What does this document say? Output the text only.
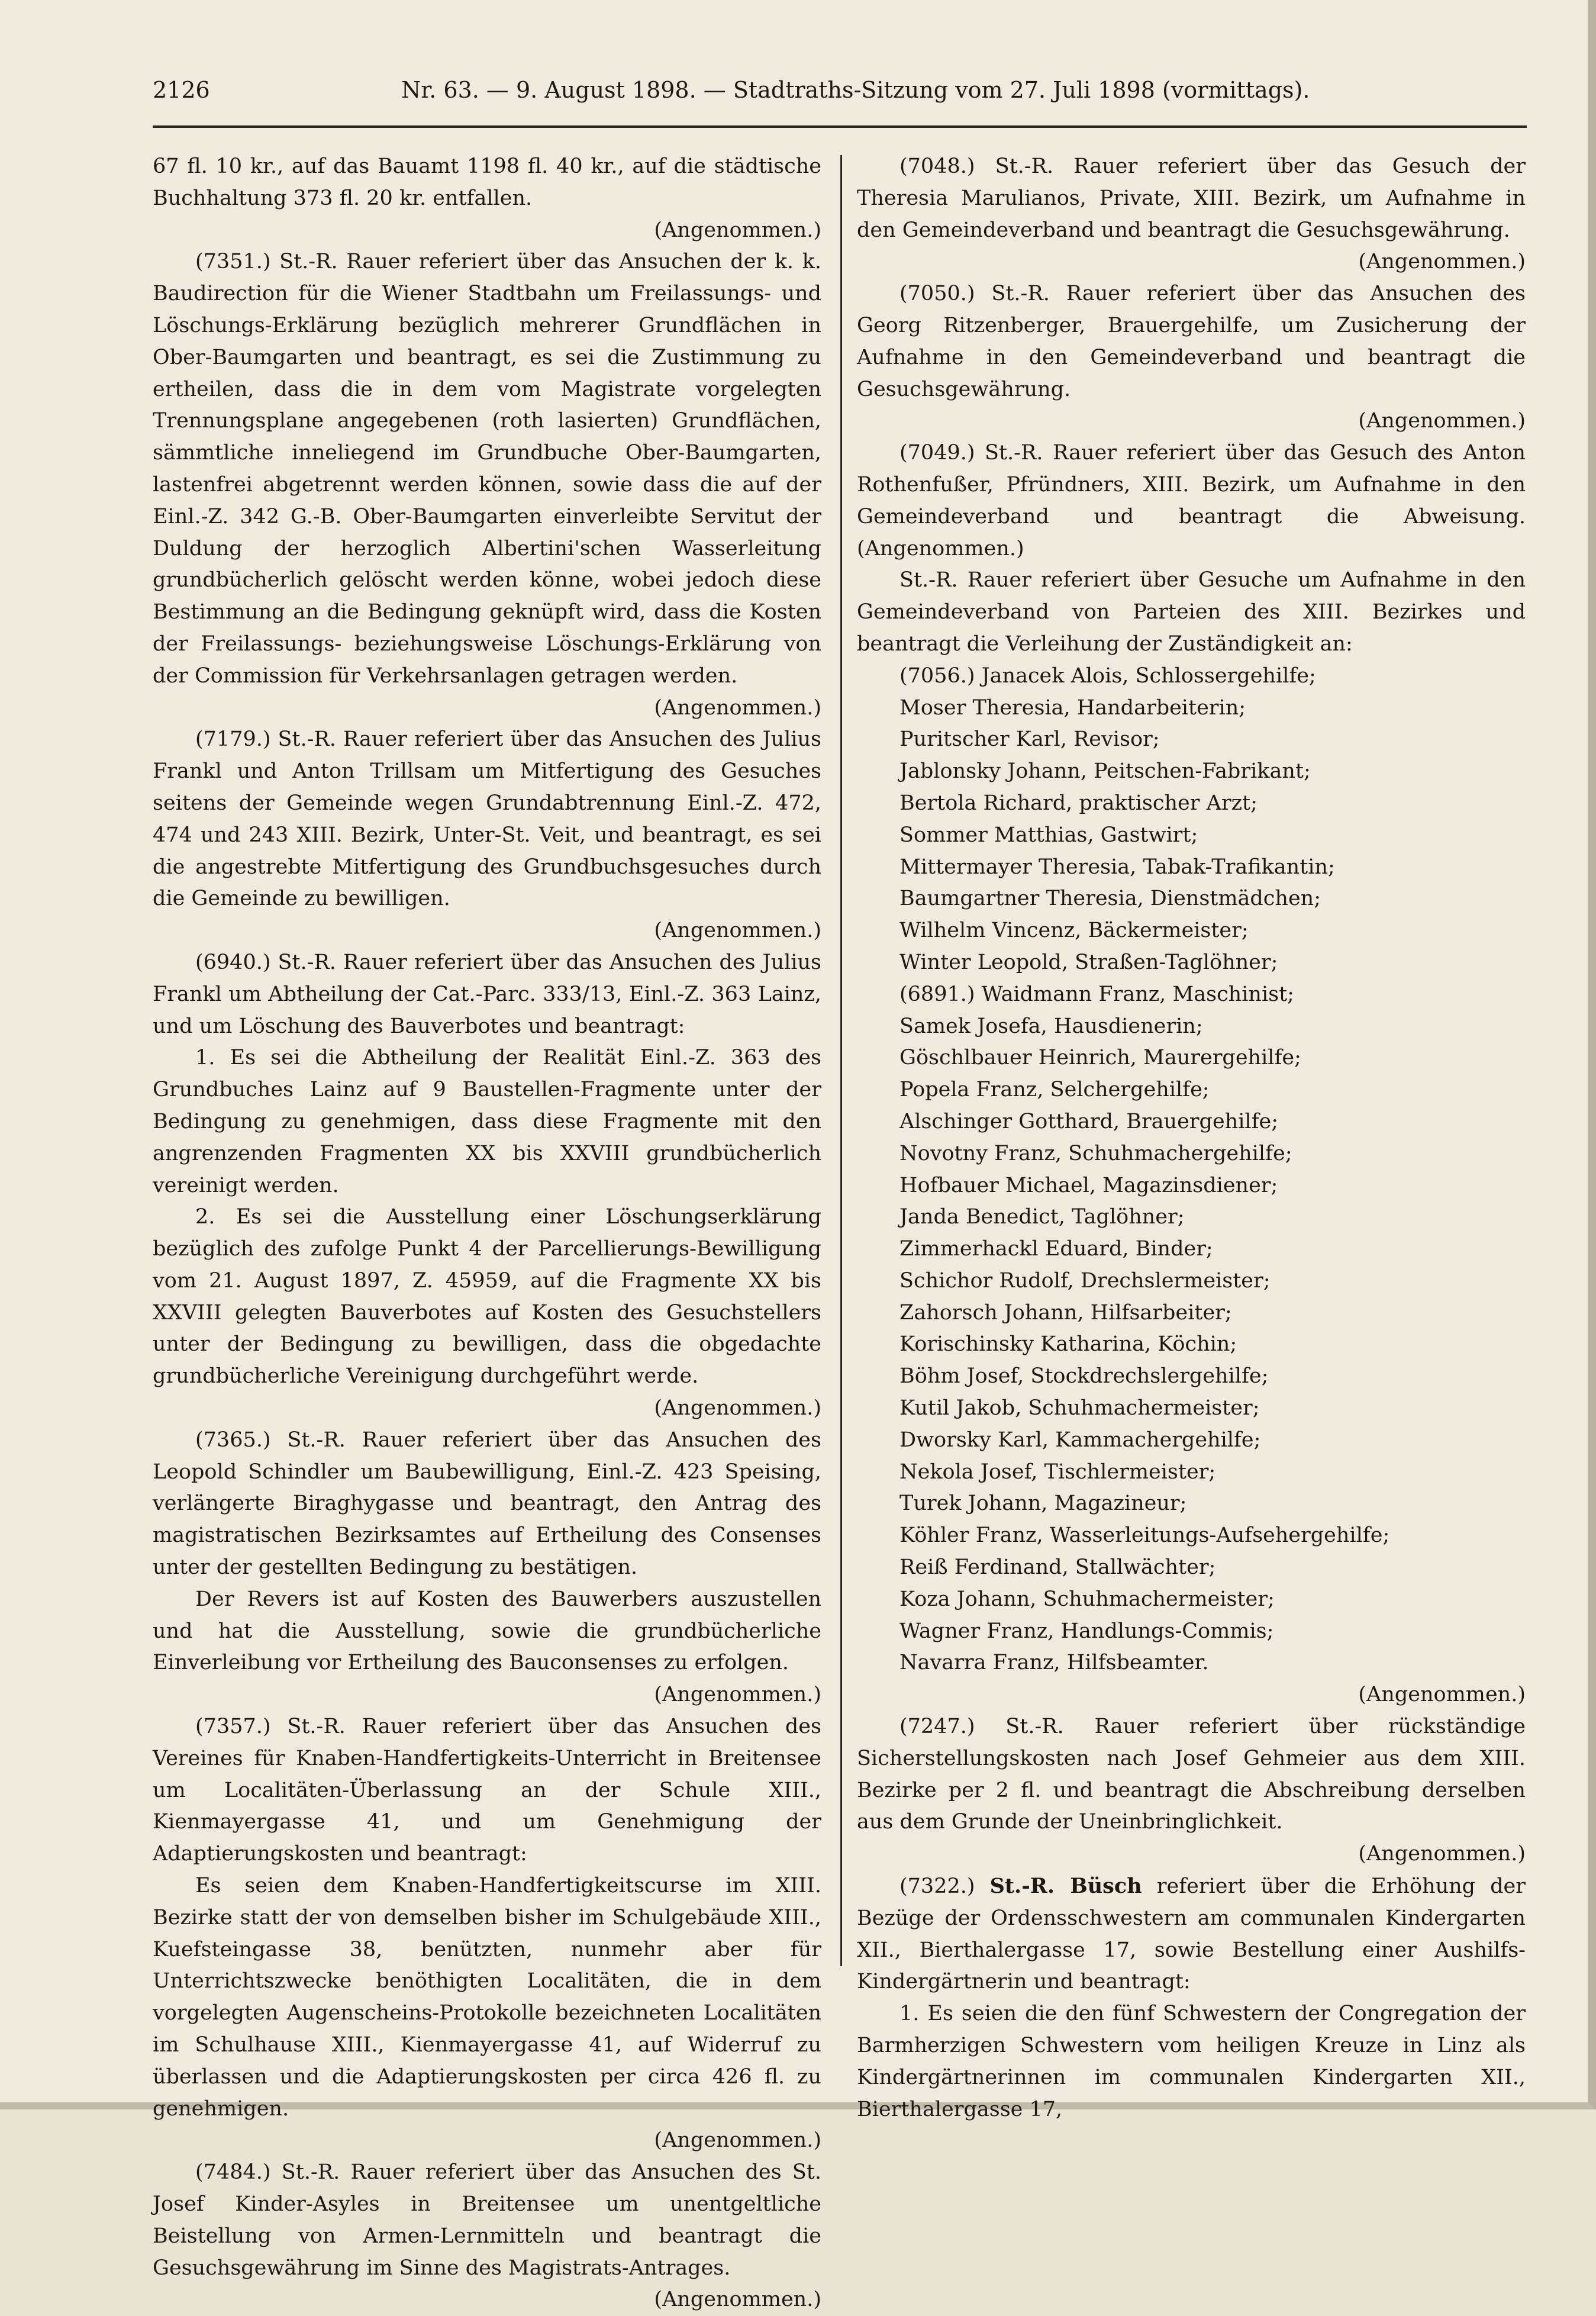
2126	Nr. 63. — 9. August 1898. — Stadtraths-Sitzung vom 27. Juli 1898 (vormittags).

67 fl. 10 kr., auf das Bauamt 1198 fl. 40 kr., auf die städtische Buchhaltung 373 fl. 20 kr. entfallen.

(Angenommen.)

(7351.) St.-R. Rauer referiert über das Ansuchen der k. k. Baudirection für die Wiener Stadtbahn um Freilassungs- und Löschungs-Erklärung bezüglich mehrerer Grundflächen in Ober-Baumgarten und beantragt, es sei die Zustimmung zu ertheilen, dass die in dem vom Magistrate vorgelegten Trennungsplane angegebenen (roth lasierten) Grundflächen, sämmtliche inneliegend im Grundbuche Ober-Baumgarten, lastenfrei abgetrennt werden können, sowie dass die auf der Einl.-Z. 342 G.-B. Ober-Baumgarten einverleibte Servitut der Duldung der herzoglich Albertini'schen Wasserleitung grundbücherlich gelöscht werden könne, wobei jedoch diese Bestimmung an die Bedingung geknüpft wird, dass die Kosten der Freilassungs- beziehungsweise Löschungs-Erklärung von der Commission für Verkehrsanlagen getragen werden.

(Angenommen.)

(7179.) St.-R. Rauer referiert über das Ansuchen des Julius Frankl und Anton Trillsam um Mitfertigung des Gesuches seitens der Gemeinde wegen Grundabtrennung Einl.-Z. 472, 474 und 243 XIII. Bezirk, Unter-St. Veit, und beantragt, es sei die angestrebte Mitfertigung des Grundbuchsgesuches durch die Gemeinde zu bewilligen.

(Angenommen.)

(6940.) St.-R. Rauer referiert über das Ansuchen des Julius Frankl um Abtheilung der Cat.-Parc. 333/13, Einl.-Z. 363 Lainz, und um Löschung des Bauverbotes und beantragt:

1. Es sei die Abtheilung der Realität Einl.-Z. 363 des Grundbuches Lainz auf 9 Baustellen-Fragmente unter der Bedingung zu genehmigen, dass diese Fragmente mit den angrenzenden Fragmenten XX bis XXVIII grundbücherlich vereinigt werden.

2. Es sei die Ausstellung einer Löschungserklärung bezüglich des zufolge Punkt 4 der Parcellierungs-Bewilligung vom 21. August 1897, Z. 45959, auf die Fragmente XX bis XXVIII gelegten Bauverbotes auf Kosten des Gesuchstellers unter der Bedingung zu bewilligen, dass die obgedachte grundbücherliche Vereinigung durchgeführt werde.

(Angenommen.)

(7365.) St.-R. Rauer referiert über das Ansuchen des Leopold Schindler um Baubewilligung, Einl.-Z. 423 Speising, verlängerte Biraghygasse und beantragt, den Antrag des magistratischen Bezirksamtes auf Ertheilung des Consenses unter der gestellten Bedingung zu bestätigen.

Der Revers ist auf Kosten des Bauwerbers auszustellen und hat die Ausstellung, sowie die grundbücherliche Einverleibung vor Ertheilung des Bauconsenses zu erfolgen.

(Angenommen.)

(7357.) St.-R. Rauer referiert über das Ansuchen des Vereines für Knaben-Handfertigkeits-Unterricht in Breitensee um Localitäten-Überlassung an der Schule XIII., Kienmayergasse 41, und um Genehmigung der Adaptierungskosten und beantragt:

Es seien dem Knaben-Handfertigkeitscurse im XIII. Bezirke statt der von demselben bisher im Schulgebäude XIII., Kuefsteingasse 38, benützten, nunmehr aber für Unterrichtszwecke benöthigten Localitäten, die in dem vorgelegten Augenscheins-Protokolle bezeichneten Localitäten im Schulhause XIII., Kienmayergasse 41, auf Widerruf zu überlassen und die Adaptierungskosten per circa 426 fl. zu genehmigen.

(Angenommen.)

(7484.) St.-R. Rauer referiert über das Ansuchen des St. Josef Kinder-Asyles in Breitensee um unentgeltliche Beistellung von Armen-Lernmitteln und beantragt die Gesuchsgewährung im Sinne des Magistrats-Antrages.

(Angenommen.)

(7048.) St.-R. Rauer referiert über das Gesuch der Theresia Marulianos, Private, XIII. Bezirk, um Aufnahme in den Gemeindeverband und beantragt die Gesuchsgewährung.

(Angenommen.)

(7050.) St.-R. Rauer referiert über das Ansuchen des Georg Ritzenberger, Brauergehilfe, um Zusicherung der Aufnahme in den Gemeindeverband und beantragt die Gesuchsgewährung.

(Angenommen.)

(7049.) St.-R. Rauer referiert über das Gesuch des Anton Rothenfußer, Pfründners, XIII. Bezirk, um Aufnahme in den Gemeindeverband und beantragt die Abweisung. (Angenommen.)

St.-R. Rauer referiert über Gesuche um Aufnahme in den Gemeindeverband von Parteien des XIII. Bezirkes und beantragt die Verleihung der Zuständigkeit an:

(7056.) Janacek Alois, Schlossergehilfe;

Moser Theresia, Handarbeiterin;

Puritscher Karl, Revisor;

Jablonsky Johann, Peitschen-Fabrikant;

Bertola Richard, praktischer Arzt;

Sommer Matthias, Gastwirt;

Mittermayer Theresia, Tabak-Trafikantin;

Baumgartner Theresia, Dienstmädchen;

Wilhelm Vincenz, Bäckermeister;

Winter Leopold, Straßen-Taglöhner;

(6891.) Waidmann Franz, Maschinist;

Samek Josefa, Hausdienerin;

Göschlbauer Heinrich, Maurergehilfe;

Popela Franz, Selchergehilfe;

Alschinger Gotthard, Brauergehilfe;

Novotny Franz, Schuhmachergehilfe;

Hofbauer Michael, Magazinsdiener;

Janda Benedict, Taglöhner;

Zimmerhackl Eduard, Binder;

Schichor Rudolf, Drechslermeister;

Zahorsch Johann, Hilfsarbeiter;

Korischinsky Katharina, Köchin;

Böhm Josef, Stockdrechslergehilfe;

Kutil Jakob, Schuhmachermeister;

Dworsky Karl, Kammachergehilfe;

Nekola Josef, Tischlermeister;

Turek Johann, Magazineur;

Köhler Franz, Wasserleitungs-Aufsehergehilfe;

Reiß Ferdinand, Stallwächter;

Koza Johann, Schuhmachermeister;

Wagner Franz, Handlungs-Commis;

Navarra Franz, Hilfsbeamter.

(Angenommen.)

(7247.) St.-R. Rauer referiert über rückständige Sicherstellungskosten nach Josef Gehmeier aus dem XIII. Bezirke per 2 fl. und beantragt die Abschreibung derselben aus dem Grunde der Uneinbringlichkeit.

(Angenommen.)

(7322.) St.-R. Büsch referiert über die Erhöhung der Bezüge der Ordensschwestern am communalen Kindergarten XII., Bierthalergasse 17, sowie Bestellung einer Aushilfs-Kindergärtnerin und beantragt:

1. Es seien die den fünf Schwestern der Congregation der Barmherzigen Schwestern vom heiligen Kreuze in Linz als Kindergärtnerinnen im communalen Kindergarten XII., Bierthalergasse 17,
